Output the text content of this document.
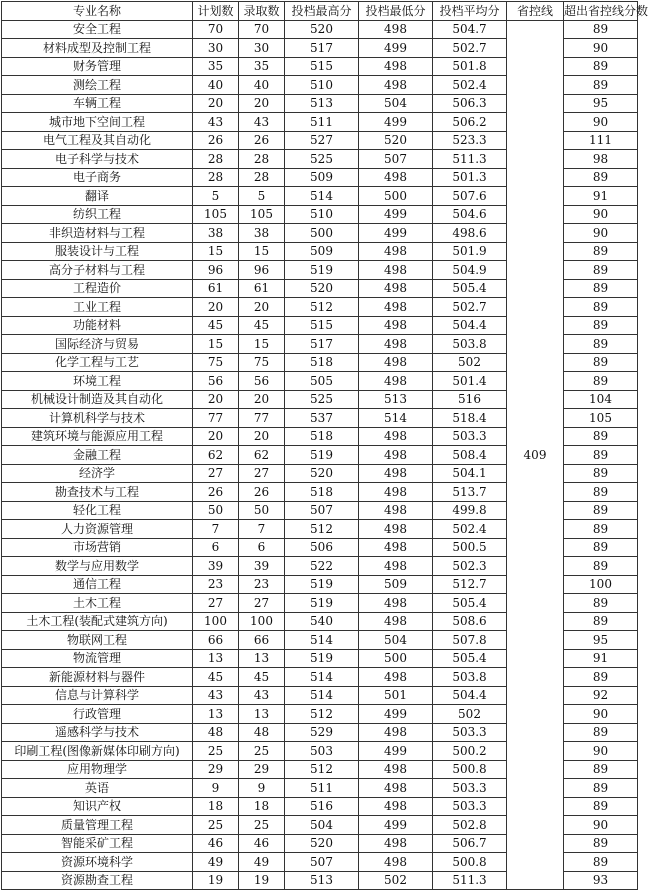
专业名称	计划数	录取数	投档最高分	投档最低分	投档平均分	省控线	超出省控线分数
安全工程	70	70	520	498	504.7	409	89
材料成型及控制工程	30	30	517	499	502.7		90
财务管理	35	35	515	498	501.8		89
测绘工程	40	40	510	498	502.4		89
车辆工程	20	20	513	504	506.3		95
城市地下空间工程	43	43	511	499	506.2		90
电气工程及其自动化	26	26	527	520	523.3		111
电子科学与技术	28	28	525	507	511.3		98
电子商务	28	28	509	498	501.3		89
翻译	5	5	514	500	507.6		91
纺织工程	105	105	510	499	504.6		90
非织造材料与工程	38	38	500	499	498.6		90
服装设计与工程	15	15	509	498	501.9		89
高分子材料与工程	96	96	519	498	504.9		89
工程造价	61	61	520	498	505.4		89
工业工程	20	20	512	498	502.7		89
功能材料	45	45	515	498	504.4		89
国际经济与贸易	15	15	517	498	503.8		89
化学工程与工艺	75	75	518	498	502		89
环境工程	56	56	505	498	501.4		89
机械设计制造及其自动化	20	20	525	513	516		104
计算机科学与技术	77	77	537	514	518.4		105
建筑环境与能源应用工程	20	20	518	498	503.3		89
金融工程	62	62	519	498	508.4		89
经济学	27	27	520	498	504.1		89
勘查技术与工程	26	26	518	498	513.7		89
轻化工程	50	50	507	498	499.8		89
人力资源管理	7	7	512	498	502.4		89
市场营销	6	6	506	498	500.5		89
数学与应用数学	39	39	522	498	502.3		89
通信工程	23	23	519	509	512.7		100
土木工程	27	27	519	498	505.4		89
土木工程(装配式建筑方向)	100	100	540	498	508.6		89
物联网工程	66	66	514	504	507.8		95
物流管理	13	13	519	500	505.4		91
新能源材料与器件	45	45	514	498	503.8		89
信息与计算科学	43	43	514	501	504.4		92
行政管理	13	13	512	499	502		90
遥感科学与技术	48	48	529	498	503.3		89
印刷工程(图像新媒体印刷方向)	25	25	503	499	500.2		90
应用物理学	29	29	512	498	500.8		89
英语	9	9	511	498	503.3		89
知识产权	18	18	516	498	503.3		89
质量管理工程	25	25	504	499	502.8		90
智能采矿工程	46	46	520	498	506.7		89
资源环境科学	49	49	507	498	500.8		89
资源勘查工程	19	19	513	502	511.3		93
